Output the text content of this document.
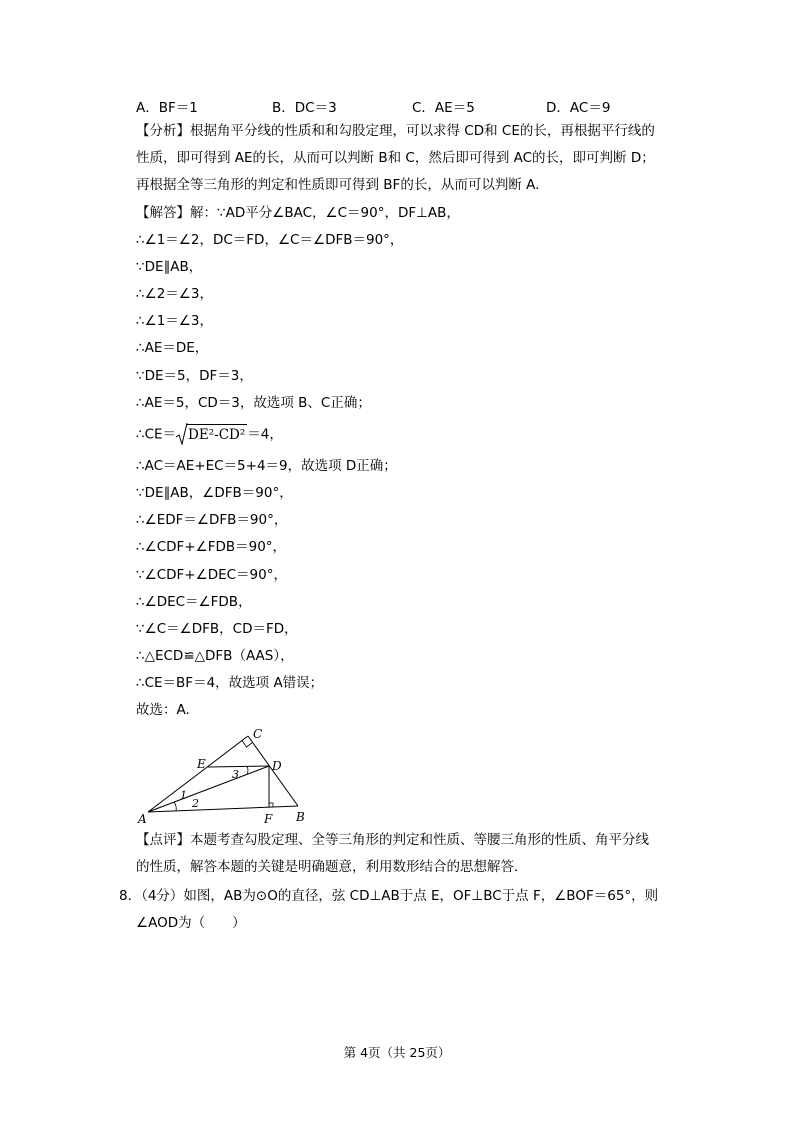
A．BF＝1	B．DC＝3	C．AE＝5	D．AC＝9
【分析】根据角平分线的性质和和勾股定理，可以求得 CD和 CE的长，再根据平行线的
性质，即可得到 AE的长，从而可以判断 B和 C，然后即可得到 AC的长，即可判断 D；
再根据全等三角形的判定和性质即可得到 BF的长，从而可以判断 A.
【解答】解：∵AD平分∠BAC，∠C＝90°，DF⊥AB，
∴∠1＝∠2，DC＝FD，∠C＝∠DFB＝90°，
∵DE∥AB，
∴∠2＝∠3，
∴∠1＝∠3，
∴AE＝DE，
∵DE＝5，DF＝3，
∴AE＝5，CD＝3，故选项 B、C正确；
∴CE＝ DE²-CD² ＝4，
∴AC＝AE+EC＝5+4＝9，故选项 D正确；
∵DE∥AB，∠DFB＝90°，
∴∠EDF＝∠DFB＝90°，
∴∠CDF+∠FDB＝90°，
∵∠CDF+∠DEC＝90°，
∴∠DEC＝∠FDB，
∵∠C＝∠DFB，CD＝FD，
∴△ECD≌△DFB（AAS），
∴CE＝BF＝4，故选项 A错误；
故选：A.
C
E	D
A	F B
1
2
3
【点评】本题考查勾股定理、全等三角形的判定和性质、等腰三角形的性质、角平分线
的性质，解答本题的关键是明确题意，利用数形结合的思想解答.
8．（4分）如图，AB为⊙O的直径，弦 CD⊥AB于点 E，OF⊥BC于点 F，∠BOF＝65°，则
∠AOD为（　　）
第 4页（共 25页）
